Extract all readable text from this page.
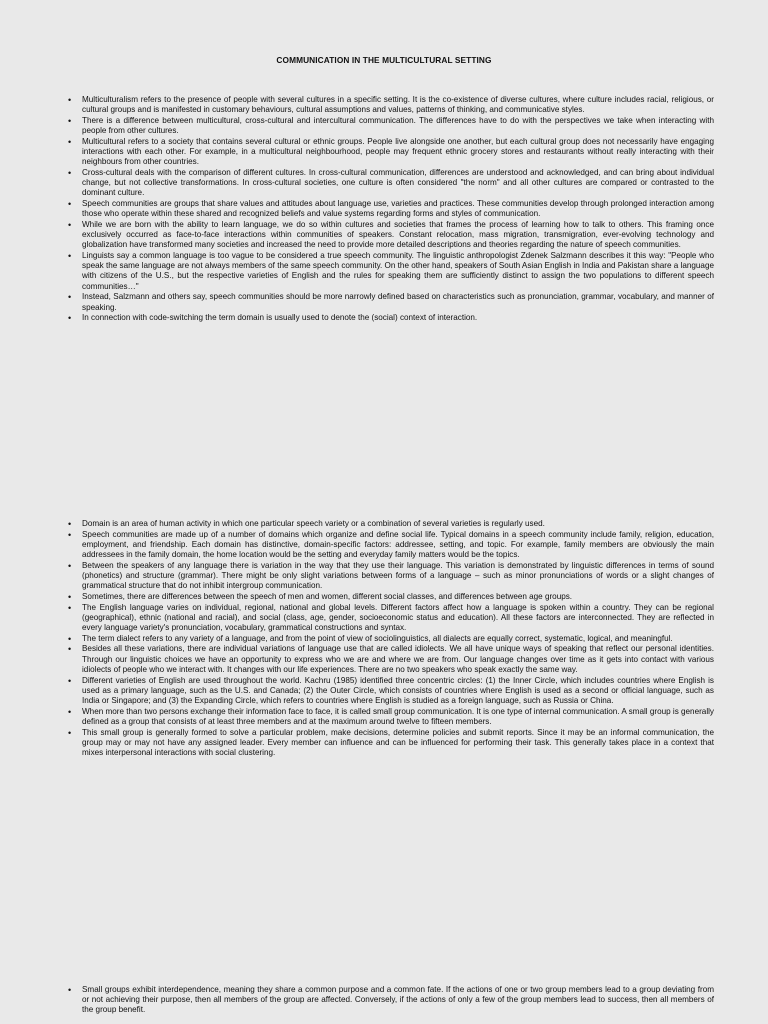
COMMUNICATION IN THE MULTICULTURAL SETTING
• Multiculturalism refers to the presence of people with several cultures in a specific setting. It is the co-existence of diverse cultures, where culture includes racial, religious, or cultural groups and is manifested in customary behaviours, cultural assumptions and values, patterns of thinking, and communicative styles.
• There is a difference between multicultural, cross-cultural and intercultural communication. The differences have to do with the perspectives we take when interacting with people from other cultures.
• Multicultural refers to a society that contains several cultural or ethnic groups. People live alongside one another, but each cultural group does not necessarily have engaging interactions with each other. For example, in a multicultural neighbourhood, people may frequent ethnic grocery stores and restaurants without really interacting with their neighbours from other countries.
• Cross-cultural deals with the comparison of different cultures. In cross-cultural communication, differences are understood and acknowledged, and can bring about individual change, but not collective transformations. In cross-cultural societies, one culture is often considered "the norm" and all other cultures are compared or contrasted to the dominant culture.
• Speech communities are groups that share values and attitudes about language use, varieties and practices. These communities develop through prolonged interaction among those who operate within these shared and recognized beliefs and value systems regarding forms and styles of communication.
• While we are born with the ability to learn language, we do so within cultures and societies that frames the process of learning how to talk to others. This framing once exclusively occurred as face-to-face interactions within communities of speakers. Constant relocation, mass migration, transmigration, ever-evolving technology and globalization have transformed many societies and increased the need to provide more detailed descriptions and theories regarding the nature of speech communities.
• Linguists say a common language is too vague to be considered a true speech community. The linguistic anthropologist Zdenek Salzmann describes it this way: "People who speak the same language are not always members of the same speech community. On the other hand, speakers of South Asian English in India and Pakistan share a language with citizens of the U.S., but the respective varieties of English and the rules for speaking them are sufficiently distinct to assign the two populations to different speech communities…"
• Instead, Salzmann and others say, speech communities should be more narrowly defined based on characteristics such as pronunciation, grammar, vocabulary, and manner of speaking.
• In connection with code-switching the term domain is usually used to denote the (social) context of interaction.
• Domain is an area of human activity in which one particular speech variety or a combination of several varieties is regularly used.
• Speech communities are made up of a number of domains which organize and define social life. Typical domains in a speech community include family, religion, education, employment, and friendship. Each domain has distinctive, domain-specific factors: addressee, setting, and topic. For example, family members are obviously the main addressees in the family domain, the home location would be the setting and everyday family matters would be the topics.
• Between the speakers of any language there is variation in the way that they use their language. This variation is demonstrated by linguistic differences in terms of sound (phonetics) and structure (grammar). There might be only slight variations between forms of a language – such as minor pronunciations of words or a slight changes of grammatical structure that do not inhibit intergroup communication.
• Sometimes, there are differences between the speech of men and women, different social classes, and differences between age groups.
• The English language varies on individual, regional, national and global levels. Different factors affect how a language is spoken within a country. They can be regional (geographical), ethnic (national and racial), and social (class, age, gender, socioeconomic status and education). All these factors are interconnected. They are reflected in every language variety's pronunciation, vocabulary, grammatical constructions and syntax.
• The term dialect refers to any variety of a language, and from the point of view of sociolinguistics, all dialects are equally correct, systematic, logical, and meaningful.
• Besides all these variations, there are individual variations of language use that are called idiolects. We all have unique ways of speaking that reflect our personal identities. Through our linguistic choices we have an opportunity to express who we are and where we are from. Our language changes over time as it gets into contact with various idiolects of people who we interact with. It changes with our life experiences. There are no two speakers who speak exactly the same way.
• Different varieties of English are used throughout the world. Kachru (1985) identified three concentric circles: (1) the Inner Circle, which includes countries where English is used as a primary language, such as the U.S. and Canada; (2) the Outer Circle, which consists of countries where English is used as a second or official language, such as India or Singapore; and (3) the Expanding Circle, which refers to countries where English is studied as a foreign language, such as Russia or China.
• When more than two persons exchange their information face to face, it is called small group communication. It is one type of internal communication. A small group is generally defined as a group that consists of at least three members and at the maximum around twelve to fifteen members.
• This small group is generally formed to solve a particular problem, make decisions, determine policies and submit reports. Since it may be an informal communication, the group may or may not have any assigned leader. Every member can influence and can be influenced for performing their task. This generally takes place in a context that mixes interpersonal interactions with social clustering.
• Small groups exhibit interdependence, meaning they share a common purpose and a common fate. If the actions of one or two group members lead to a group deviating from or not achieving their purpose, then all members of the group are affected. Conversely, if the actions of only a few of the group members lead to success, then all members of the group benefit.
